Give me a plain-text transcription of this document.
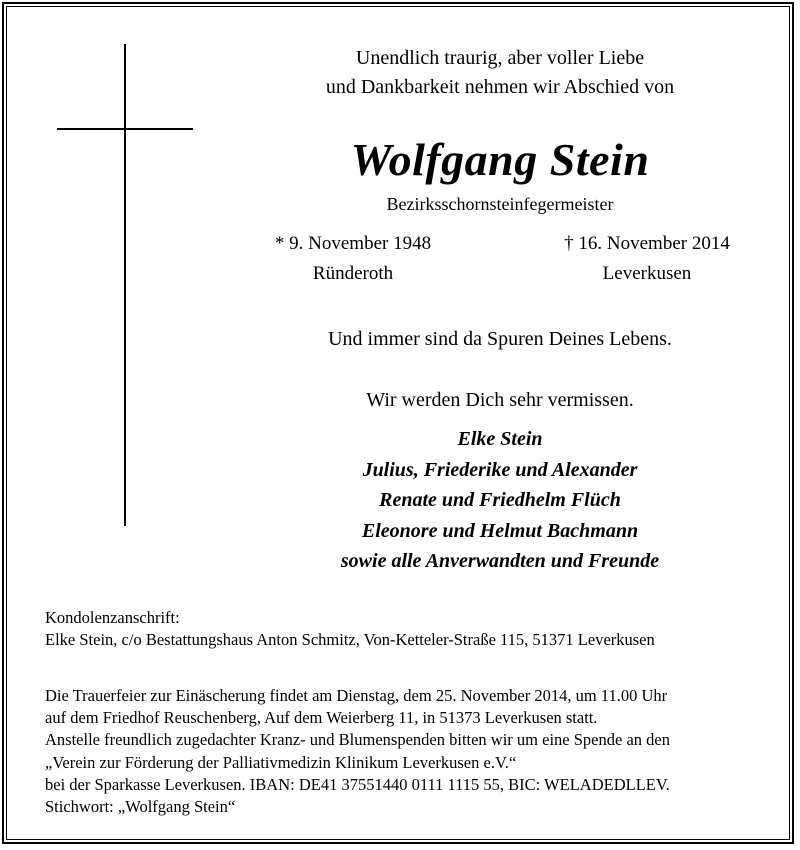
Unendlich traurig, aber voller Liebe
und Dankbarkeit nehmen wir Abschied von
Wolfgang Stein
Bezirksschornsteinfegermeister
* 9. November 1948
Ründeroth
† 16. November 2014
Leverkusen
Und immer sind da Spuren Deines Lebens.
Wir werden Dich sehr vermissen.
Elke Stein
Julius, Friederike und Alexander
Renate und Friedhelm Flüch
Eleonore und Helmut Bachmann
sowie alle Anverwandten und Freunde
Kondolenzanschrift:
Elke Stein, c/o Bestattungshaus Anton Schmitz, Von-Ketteler-Straße 115, 51371 Leverkusen
Die Trauerfeier zur Einäscherung findet am Dienstag, dem 25. November 2014, um 11.00 Uhr
auf dem Friedhof Reuschenberg, Auf dem Weierberg 11, in 51373 Leverkusen statt.
Anstelle freundlich zugedachter Kranz- und Blumenspenden bitten wir um eine Spende an den
„Verein zur Förderung der Palliativmedizin Klinikum Leverkusen e.V.“
bei der Sparkasse Leverkusen. IBAN: DE41 37551440 0111 1115 55, BIC: WELADEDLLEV.
Stichwort: „Wolfgang Stein“
